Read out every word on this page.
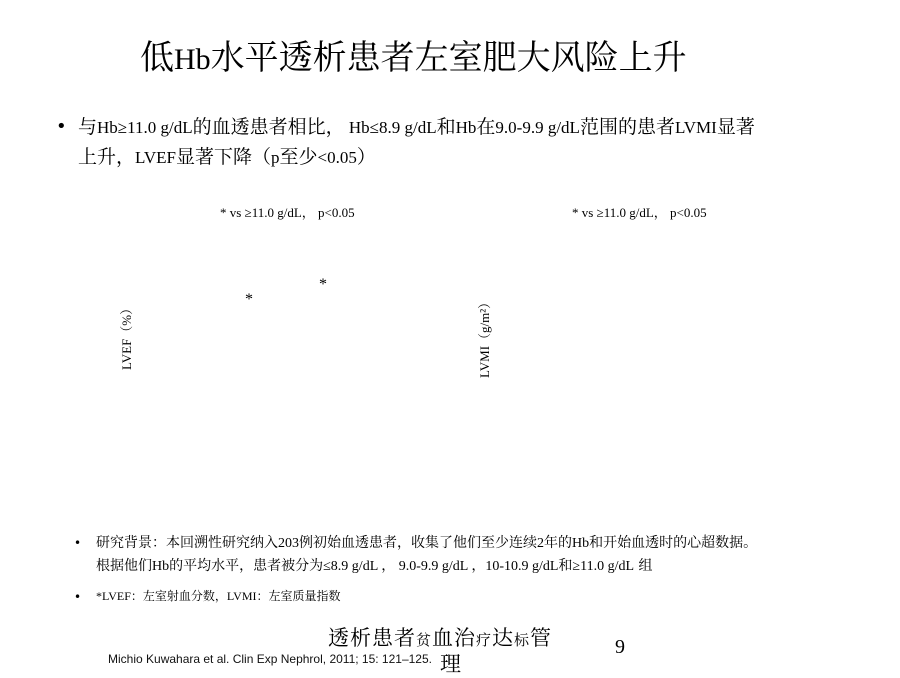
低Hb水平透析患者左室肥大风险上升
• 与Hb≥11.0 g/dL的血透患者相比， Hb≤8.9 g/dL和Hb在9.0-9.9 g/dL范围的患者LVMI显著
上升，LVEF显著下降（p至少<0.05）
* vs ≥11.0 g/dL， p<0.05	* vs ≥11.0 g/dL， p<0.05
LVEF（%）	LVMI（g/m²）
*
*
• 研究背景：本回溯性研究纳入203例初始血透患者，收集了他们至少连续2年的Hb和开始血透时的心超数据。
根据他们Hb的平均水平，患者被分为≤8.9 g/dL ， 9.0-9.9 g/dL ，10-10.9 g/dL和≥11.0 g/dL 组
• *LVEF：左室射血分数，LVMI：左室质量指数
透析患者贫血治疗达标管
Michio Kuwahara et al. Clin Exp Nephrol, 2011; 15: 121–125. 理
9
